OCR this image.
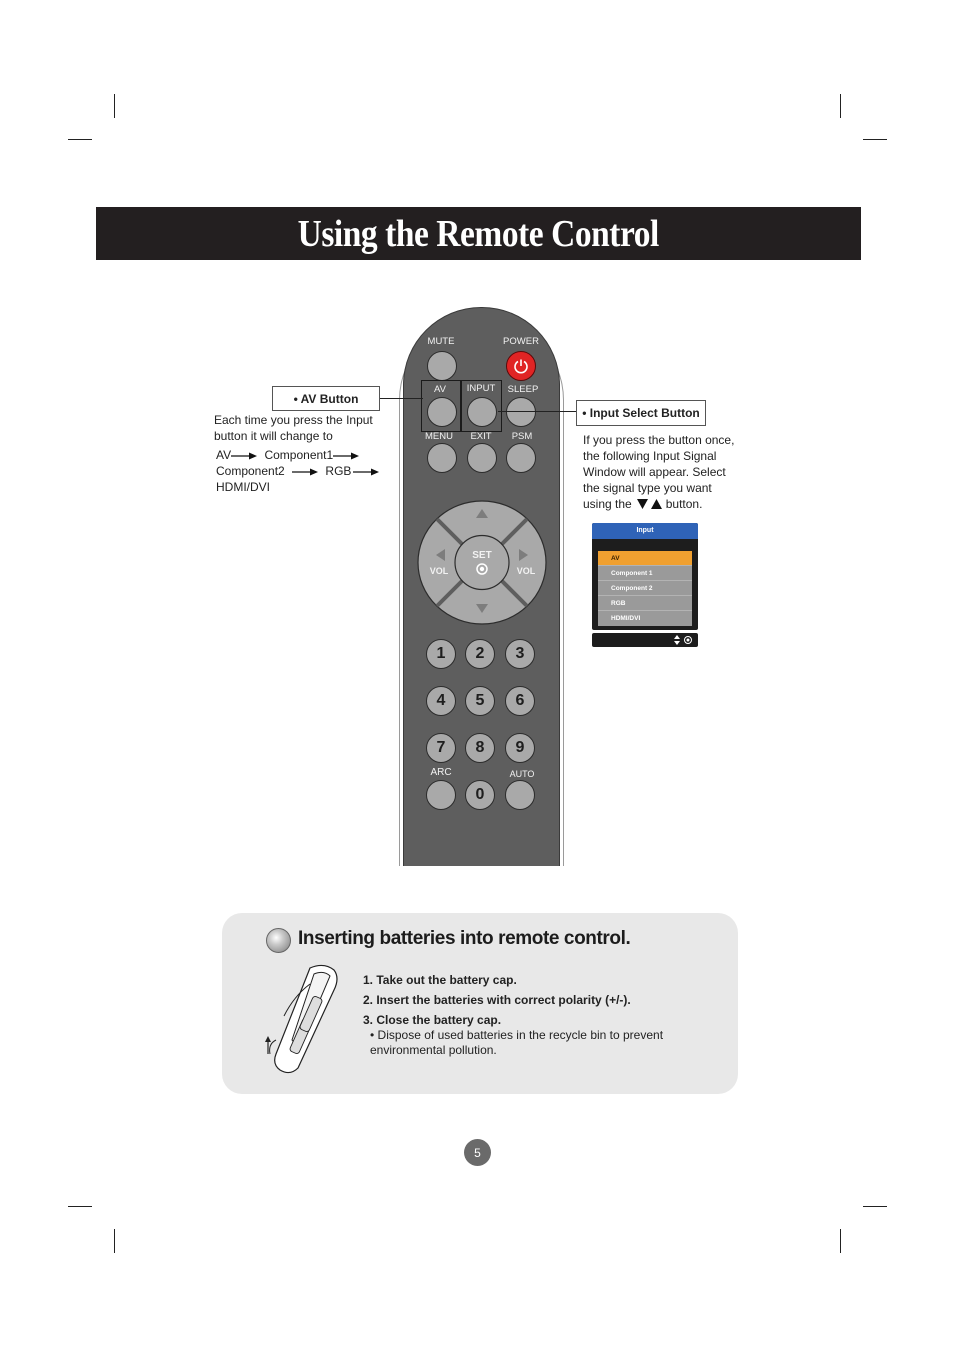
Using the Remote Control
MUTE	POWER
AV	INPUT	SLEEP
MENU	EXIT	PSM
SET
VOL	VOL
1	2	3
4	5	6
7	8	9
ARC	AUTO
0
• AV Button
Each time you press the Input button it will change to
AV	Component1
Component2	RGB
HDMI/DVI
• Input Select Button
If you press the button once, the following Input Signal Window will appear. Select the signal type you want using the	button.
Input
AV
Component 1
Component 2
RGB
HDMI/DVI
Inserting batteries into remote control.
1. Take out the battery cap.
2. Insert the batteries with correct polarity (+/-).
3. Close the battery cap.
• Dispose of used batteries in the recycle bin to prevent environmental pollution.
5
